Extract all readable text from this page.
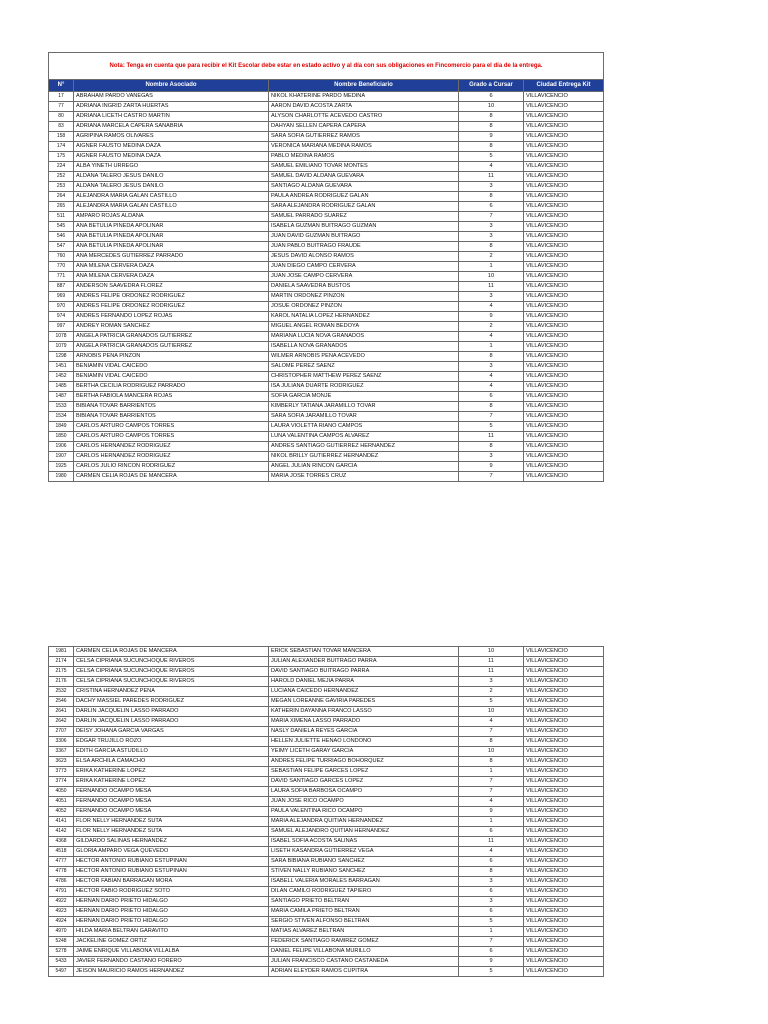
Nota: Tenga en cuenta que para recibir el Kit Escolar debe estar en estado activo y al día con sus obligaciones en Fincomercio para el día de la entrega.				
N°	Nombre Asociado	Nombre Beneficiario	Grado a Cursar	Ciudad Entrega Kit
17	ABRAHAM PARDO VANEGAS	NIKOL KHATERINE PARDO MEDINA	6	VILLAVICENCIO
77	ADRIANA INGRID ZARTA HUERTAS	AARON DAVID ACOSTA ZARTA	10	VILLAVICENCIO
80	ADRIANA LICETH CASTRO MARTIN	ALYSON CHARLOTTE ACEVEDO CASTRO	8	VILLAVICENCIO
83	ADRIANA MARCELA CAPERA SANABRIA	DAHYAN SELLEN CAPERA CAPERA	8	VILLAVICENCIO
158	AGRIPINA RAMOS OLIVARES	SARA SOFIA GUTIERREZ RAMOS	9	VILLAVICENCIO
174	AIGNER FAUSTO MEDINA DAZA	VERONICA MARIANA MEDINA RAMOS	8	VILLAVICENCIO
175	AIGNER FAUSTO MEDINA DAZA	PABLO MEDINA RAMOS	5	VILLAVICENCIO
224	ALBA YINETH URREGO	SAMUEL EMILIANO TOVAR MONTES	4	VILLAVICENCIO
252	ALDANA TALERO JESUS DANILO	SAMUEL DAVID ALDANA GUEVARA	11	VILLAVICENCIO
253	ALDANA TALERO JESUS DANILO	SANTIAGO ALDANA GUEVARA	3	VILLAVICENCIO
264	ALEJANDRA MARIA GALAN CASTILLO	PAULA ANDREA RODRIGUEZ GALAN	8	VILLAVICENCIO
265	ALEJANDRA MARIA GALAN CASTILLO	SARA ALEJANDRA RODRIGUEZ GALAN	6	VILLAVICENCIO
511	AMPARO ROJAS ALDANA	SAMUEL PARRADO SUAREZ	7	VILLAVICENCIO
545	ANA BETULIA PINEDA APOLINAR	ISABELA GUZMAN BUITRAGO GUZMAN	3	VILLAVICENCIO
546	ANA BETULIA PINEDA APOLINAR	JUAN DAVID GUZMAN BUITRAGO	3	VILLAVICENCIO
547	ANA BETULIA PINEDA APOLINAR	JUAN PABLO BUITRAGO FRAUDE	8	VILLAVICENCIO
760	ANA MERCEDES GUTIERREZ PARRADO	JESUS DAVID ALONSO RAMOS	2	VILLAVICENCIO
770	ANA MILENA CERVERA DAZA	JUAN DIEGO CAMPO CERVERA	1	VILLAVICENCIO
771	ANA MILENA CERVERA DAZA	JUAN JOSE CAMPO CERVERA	10	VILLAVICENCIO
887	ANDERSON SAAVEDRA FLOREZ	DANIELA SAAVEDRA BUSTOS	11	VILLAVICENCIO
969	ANDRES FELIPE ORDONEZ RODRIGUEZ	MARTIN ORDONEZ PINZON	3	VILLAVICENCIO
970	ANDRES FELIPE ORDONEZ RODRIGUEZ	JOSUE ORDONEZ PINZON	4	VILLAVICENCIO
974	ANDRES FERNANDO LOPEZ ROJAS	KAROL NATALIA LOPEZ HERNANDEZ	9	VILLAVICENCIO
997	ANDREY ROMAN SANCHEZ	MIGUEL ANGEL ROMAN BEDOYA	2	VILLAVICENCIO
1078	ANGELA PATRICIA GRANADOS GUTIERREZ	MARIANA LUCIA NOVA GRANADOS	4	VILLAVICENCIO
1079	ANGELA PATRICIA GRANADOS GUTIERREZ	ISABELLA NOVA GRANADOS	1	VILLAVICENCIO
1298	ARNOBIS PENA PINZON	WILMER ARNOBIS PENA ACEVEDO	8	VILLAVICENCIO
1451	BENIAMIN VIDAL CAICEDO	SALOME PEREZ SAENZ	3	VILLAVICENCIO
1452	BENIAMIN VIDAL CAICEDO	CHRISTOPHER MATTHEW PEREZ SAENZ	4	VILLAVICENCIO
1485	BERTHA CECILIA RODRIGUEZ PARRADO	ISA JULIANA DUARTE RODRIGUEZ	4	VILLAVICENCIO
1487	BERTHA FABIOLA MANCERA ROJAS	SOFIA GARCIA MONJE	6	VILLAVICENCIO
1533	BIBIANA TOVAR BARRIENTOS	KIMBERLY TATIANA JARAMILLO TOVAR	8	VILLAVICENCIO
1534	BIBIANA TOVAR BARRIENTOS	SARA SOFIA JARAMILLO TOVAR	7	VILLAVICENCIO
1849	CARLOS ARTURO CAMPOS TORRES	LAURA VIOLETTA RIANO CAMPOS	5	VILLAVICENCIO
1850	CARLOS ARTURO CAMPOS TORRES	LUNA VALENTINA CAMPOS ALVAREZ	11	VILLAVICENCIO
1906	CARLOS HERNANDEZ RODRIGUEZ	ANDRES SANTIAGO GUTIERREZ HERNANDEZ	8	VILLAVICENCIO
1907	CARLOS HERNANDEZ RODRIGUEZ	NIKOL BRILLY GUTIERREZ HERNANDEZ	3	VILLAVICENCIO
1925	CARLOS JULIO RINCON RODRIGUEZ	ANGEL JULIAN RINCON GARCIA	9	VILLAVICENCIO
1980	CARMEN CELIA ROJAS DE MANCERA	MARIA JOSE TORRES CRUZ	7	VILLAVICENCIO
1981	CARMEN CELIA ROJAS DE MANCERA	ERICK SEBASTIAN TOVAR MANCERA	10	VILLAVICENCIO
2174	CELSA CIPRIANA SUCUNCHOQUE RIVEROS	JULIAN ALEXANDER BUITRAGO PARRA	11	VILLAVICENCIO
2175	CELSA CIPRIANA SUCUNCHOQUE RIVEROS	DAVID SANTIAGO BUITRAGO PARRA	11	VILLAVICENCIO
2176	CELSA CIPRIANA SUCUNCHOQUE RIVEROS	HAROLD DANIEL MEJIA PARRA	3	VILLAVICENCIO
2532	CRISTINA HERNANDEZ PENA	LUCIANA CAICEDO HERNANDEZ	2	VILLAVICENCIO
2546	DACHY MASSIEL PAREDES RODRIGUEZ	MEGAN LOREANNE GAVIRIA PAREDES	5	VILLAVICENCIO
2641	DARLIN JACQUELIN LASSO PARRADO	KATHERIN DAYANNA FRANCO LASSO	10	VILLAVICENCIO
2642	DARLIN JACQUELIN LASSO PARRADO	MARIA XIMENA LASSO PARRADO	4	VILLAVICENCIO
2707	DEISY JOHANA GARCIA VARGAS	NASLY DANIELA REYES GARCIA	7	VILLAVICENCIO
3306	EDGAR TRUJILLO ROZO	HELLEN JULIETTE HENAO LONDONO	8	VILLAVICENCIO
3367	EDITH GARCIA ASTUDILLO	YEIMY LICETH GARAY GARCIA	10	VILLAVICENCIO
3623	ELSA ARCHILA CAMACHO	ANDRES FELIPE TURRIAGO BOHORQUEZ	8	VILLAVICENCIO
3773	ERIKA KATHERINE LOPEZ	SEBASTIAN FELIPE GARCES LOPEZ	1	VILLAVICENCIO
3774	ERIKA KATHERINE LOPEZ	DAVID SANTIAGO GARCES LOPEZ	7	VILLAVICENCIO
4050	FERNANDO OCAMPO MESA	LAURA SOFIA BARBOSA OCAMPO	7	VILLAVICENCIO
4051	FERNANDO OCAMPO MESA	JUAN JOSE RICO OCAMPO	4	VILLAVICENCIO
4052	FERNANDO OCAMPO MESA	PAULA VALENTINA RICO OCAMPO	9	VILLAVICENCIO
4141	FLOR NELLY HERNANDEZ SUTA	MARIA ALEJANDRA QUITIAN HERNANDEZ	1	VILLAVICENCIO
4142	FLOR NELLY HERNANDEZ SUTA	SAMUEL ALEJANDRO QUITIAN HERNANDEZ	6	VILLAVICENCIO
4368	GILDARDO SALINAS HERNANDEZ	ISABEL SOFIA ACOSTA SALINAS	11	VILLAVICENCIO
4518	GLORIA AMPARO VEGA QUEVEDO	LISETH KASANDRA GUTIERREZ VEGA	4	VILLAVICENCIO
4777	HECTOR ANTONIO RUBIANO ESTUPINAN	SARA BIBIANA RUBIANO SANCHEZ	6	VILLAVICENCIO
4778	HECTOR ANTONIO RUBIANO ESTUPINAN	STIVEN NALLY RUBIANO SANCHEZ	8	VILLAVICENCIO
4786	HECTOR FABIAN BARRAGAN MORA	ISABELL VALERIA MORALES BARRAGAN	3	VILLAVICENCIO
4791	HECTOR FABIO RODRIGUEZ SOTO	DILAN CAMILO RODRIGUEZ TAPIERO	6	VILLAVICENCIO
4922	HERNAN DARIO PRIETO HIDALGO	SANTIAGO PRIETO BELTRAN	3	VILLAVICENCIO
4923	HERNAN DARIO PRIETO HIDALGO	MARIA CAMILA PRIETO BELTRAN	6	VILLAVICENCIO
4924	HERNAN DARIO PRIETO HIDALGO	SERGIO STIVEN ALFONSO BELTRAN	5	VILLAVICENCIO
4970	HILDA MARIA BELTRAN GARAVITO	MATIAS ALVAREZ BELTRAN	1	VILLAVICENCIO
5248	JACKELINE GOMEZ ORTIZ	FEDERICK SANTIAGO RAMIREZ GOMEZ	7	VILLAVICENCIO
5278	JAIME ENRIQUE VILLABONA VILLALBA	DANIEL FELIPE VILLABONA MURILLO	6	VILLAVICENCIO
5433	JAVIER FERNANDO CASTANO FORERO	JULIAN FRANCISCO CASTANO CASTANEDA	9	VILLAVICENCIO
5497	JEISON MAURICIO RAMOS HERNANDEZ	ADRIAN ELEYDER RAMOS CUPITRA	5	VILLAVICENCIO
